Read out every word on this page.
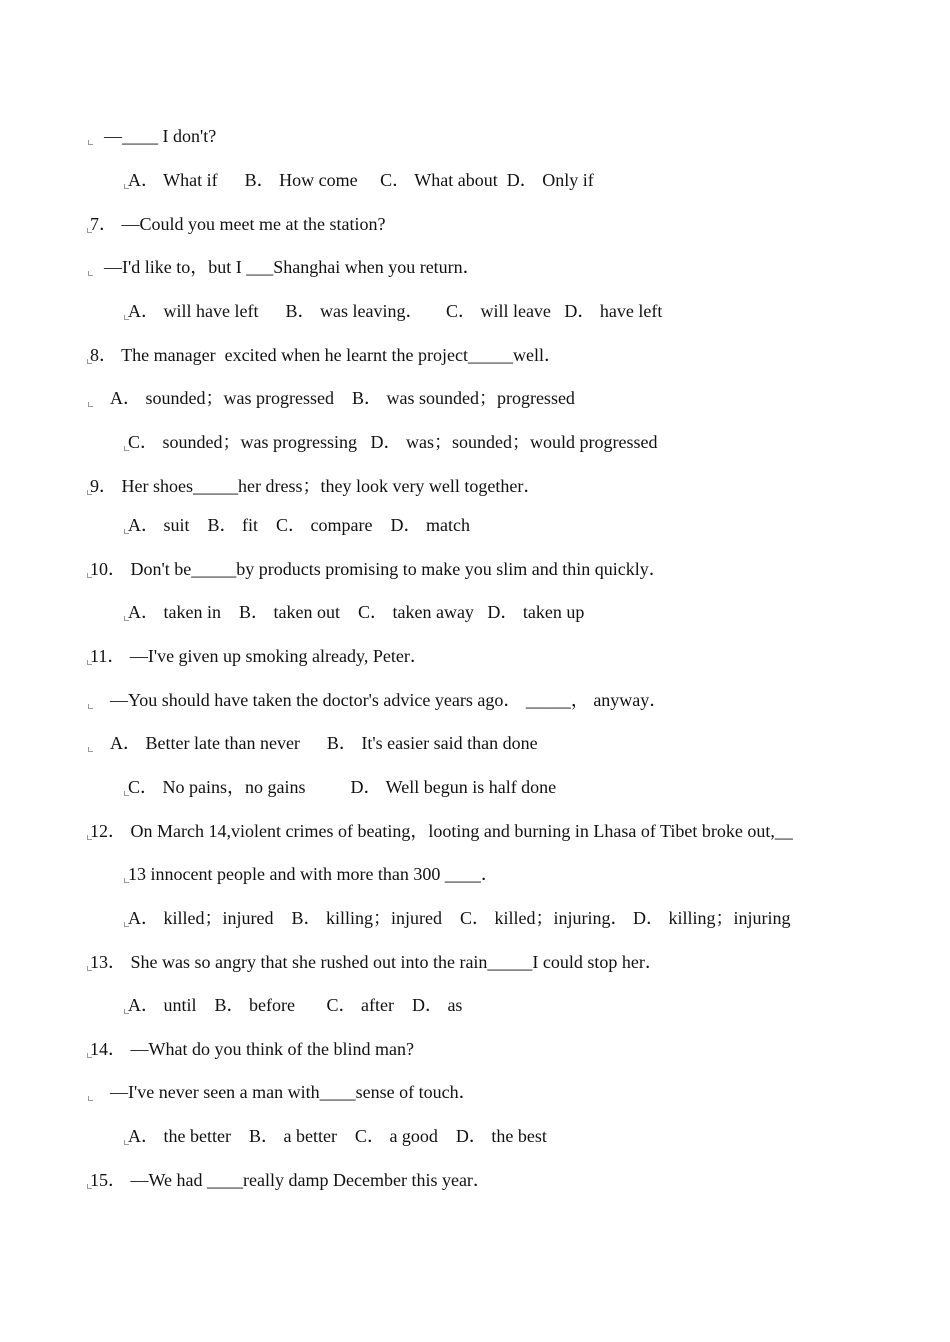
—____ I don't?
A． What if      B． How come     C． What about  D． Only if
7． —Could you meet me at the station?
—I'd like to，but I ___Shanghai when you return．
A． will have left      B． was leaving．     C． will leave   D． have left
8． The manager  excited when he learnt the project_____well．
A． sounded；was progressed    B． was sounded；progressed
C． sounded；was progressing   D． was；sounded；would progressed
9． Her shoes_____her dress；they look very well together．
A． suit    B． fit    C． compare    D． match
10． Don't be_____by products promising to make you slim and thin quickly．
A． taken in    B． taken out    C． taken away   D． taken up
11． —I've given up smoking already, Peter．
—You should have taken the doctor's advice years ago． _____， anyway．
A． Better late than never      B． It's easier said than done
C． No pains，no gains          D． Well begun is half done
12． On March 14,violent crimes of beating，looting and burning in Lhasa of Tibet broke out,__
13 innocent people and with more than 300 ____．
A． killed；injured    B． killing；injured    C． killed；injuring． D． killing；injuring
13． She was so angry that she rushed out into the rain_____I could stop her．
A． until    B． before       C． after    D． as
14． —What do you think of the blind man?
—I've never seen a man with____sense of touch．
A． the better    B． a better    C． a good    D． the best
15． —We had ____really damp December this year．
